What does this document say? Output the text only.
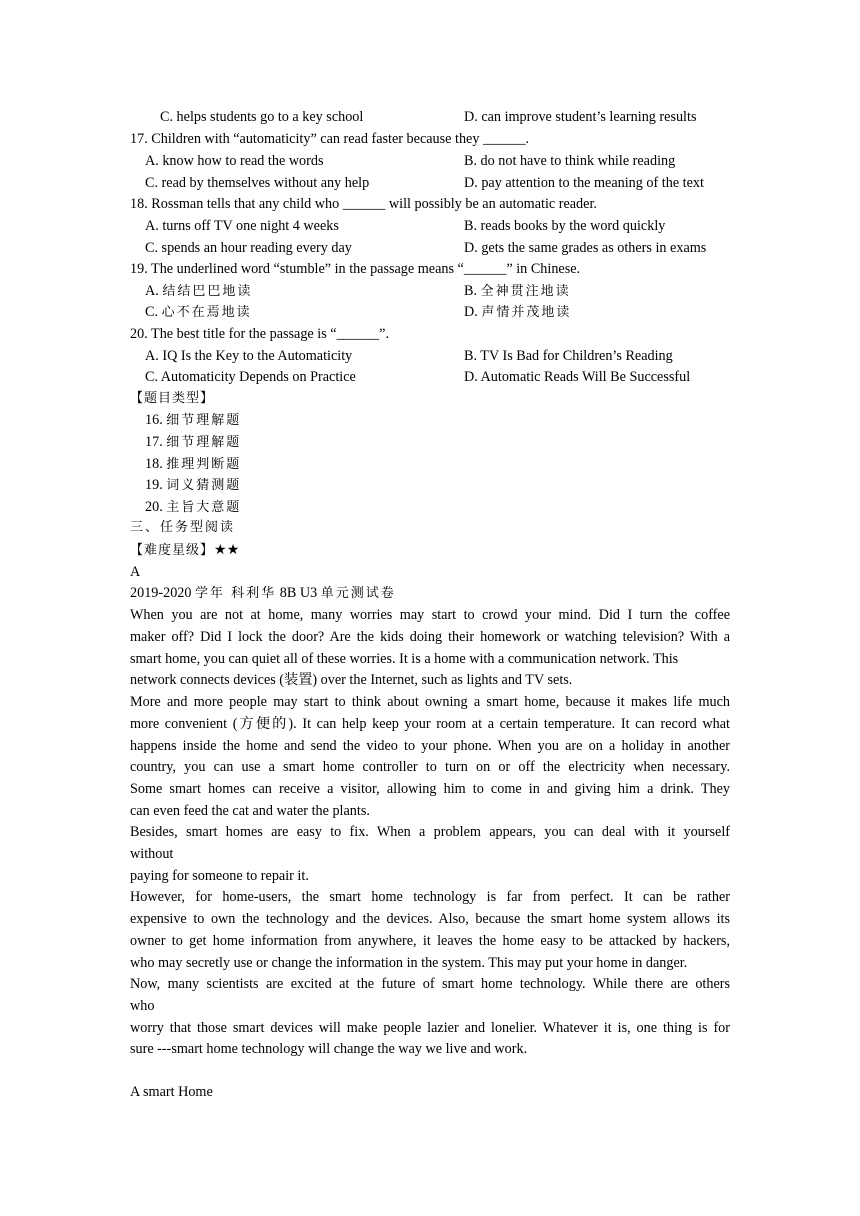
C. helps students go to a key school	D. can improve student’s learning results
17. Children with “automaticity” can read faster because they ______.
A. know how to read the words	B. do not have to think while reading
C. read by themselves without any help	D. pay attention to the meaning of the text
18. Rossman tells that any child who ______ will possibly be an automatic reader.
A. turns off TV one night 4 weeks	B. reads books by the word quickly
C. spends an hour reading every day	D. gets the same grades as others in exams
19. The underlined word “stumble” in the passage means “______” in Chinese.
A. 结结巴巴地读	B. 全神贯注地读
C. 心不在焉地读	D. 声情并茂地读
20. The best title for the passage is “______”.
A. IQ Is the Key to the Automaticity	B. TV Is Bad for Children’s Reading
C. Automaticity Depends on Practice	D. Automatic Reads Will Be Successful
【题目类型】
16. 细节理解题
17. 细节理解题
18. 推理判断题
19. 词义猜测题
20. 主旨大意题
三、任务型阅读
【难度星级】★★
A
2019-2020 学年 科利华 8B U3 单元测试卷
When you are not at home, many worries may start to crowd your mind. Did I turn the coffee
maker off? Did I lock the door? Are the kids doing their homework or watching television? With a
smart home, you can quiet all of these worries. It is a home with a communication network. This
network connects devices (装置) over the Internet, such as lights and TV sets.
More and more people may start to think about owning a smart home, because it makes life much
more convenient (方便的). It can help keep your room at a certain temperature. It can record what
happens inside the home and send the video to your phone. When you are on a holiday in another
country, you can use a smart home controller to turn on or off the electricity when necessary.
Some smart homes can receive a visitor, allowing him to come in and giving him a drink. They
can even feed the cat and water the plants.
Besides, smart homes are easy to fix. When a problem appears, you can deal with it yourself
without
paying for someone to repair it.
However, for home-users, the smart home technology is far from perfect. It can be rather
expensive to own the technology and the devices. Also, because the smart home system allows its
owner to get home information from anywhere, it leaves the home easy to be attacked by hackers,
who may secretly use or change the information in the system. This may put your home in danger.
Now, many scientists are excited at the future of smart home technology. While there are others
who
worry that those smart devices will make people lazier and lonelier. Whatever it is, one thing is for
sure ---smart home technology will change the way we live and work.
A smart Home
